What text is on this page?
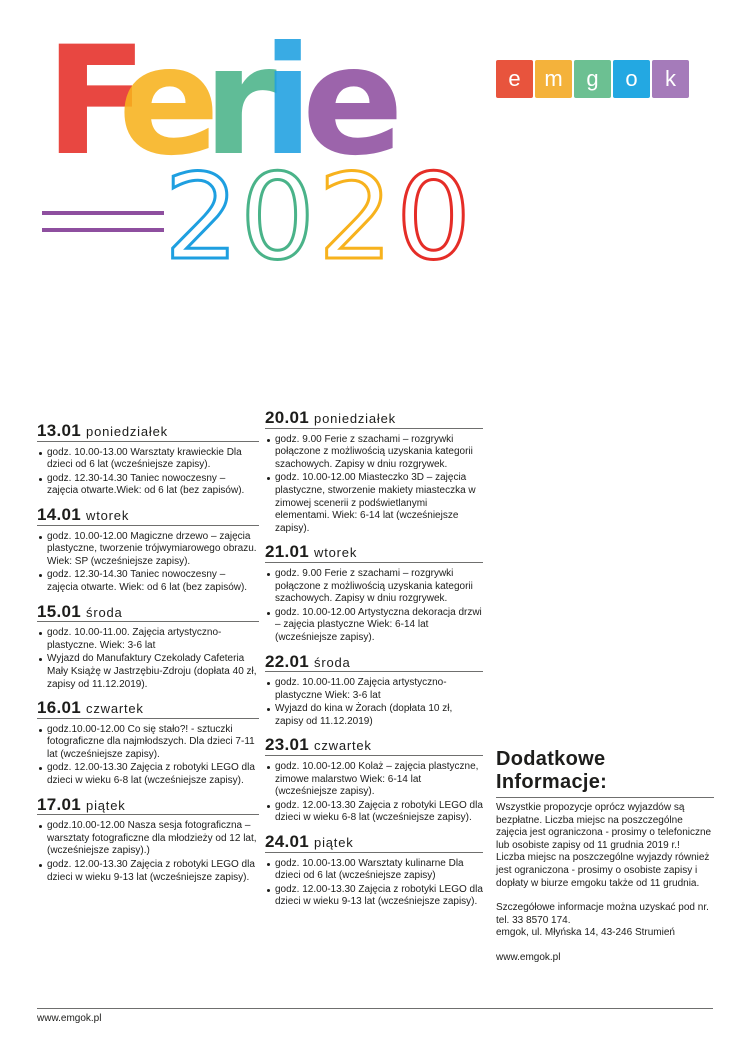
F
e
r
i
e
2 0 2 0
e	m	g	o	k
13.01 poniedziałek
godz. 10.00-13.00 Warsztaty krawieckie Dla dzieci od 6 lat (wcześniejsze zapisy).
godz. 12.30-14.30 Taniec nowoczesny – zajęcia otwarte.Wiek: od 6 lat (bez zapisów).
14.01 wtorek
godz. 10.00-12.00 Magiczne drzewo – zajęcia plastyczne, tworzenie trójwymiarowego obrazu. Wiek: SP (wcześniejsze zapisy).
godz. 12.30-14.30 Taniec nowoczesny – zajęcia otwarte. Wiek: od 6 lat (bez zapisów).
15.01 środa
godz. 10.00-11.00. Zajęcia artystyczno-plastyczne. Wiek: 3-6 lat
Wyjazd do Manufaktury Czekolady Cafeteria Mały Książę w Jastrzębiu-Zdroju (dopłata 40 zł, zapisy od 11.12.2019).
16.01 czwartek
godz.10.00-12.00 Co się stało?! - sztuczki fotograficzne dla najmłodszych. Dla dzieci 7-11 lat (wcześniejsze zapisy).
godz. 12.00-13.30 Zajęcia z robotyki LEGO dla dzieci w wieku 6-8 lat (wcześniejsze zapisy).
17.01 piątek
godz.10.00-12.00 Nasza sesja fotograficzna – warsztaty fotograficzne dla młodzieży od 12 lat, (wcześniejsze zapisy).)
godz. 12.00-13.30 Zajęcia z robotyki LEGO dla dzieci w wieku 9-13 lat (wcześniejsze zapisy).
20.01 poniedziałek
godz. 9.00 Ferie z szachami – rozgrywki połączone z możliwością uzyskania kategorii szachowych. Zapisy w dniu rozgrywek.
godz. 10.00-12.00 Miasteczko 3D – zajęcia plastyczne, stworzenie makiety miasteczka w zimowej scenerii z podświetlanymi elementami. Wiek: 6-14 lat (wcześniejsze zapisy).
21.01 wtorek
godz. 9.00 Ferie z szachami – rozgrywki połączone z możliwością uzyskania kategorii szachowych. Zapisy w dniu rozgrywek.
godz. 10.00-12.00 Artystyczna dekoracja drzwi – zajęcia plastyczne Wiek: 6-14 lat (wcześniejsze zapisy).
22.01 środa
godz. 10.00-11.00 Zajęcia artystyczno-plastyczne Wiek: 3-6 lat
Wyjazd do kina w Żorach (dopłata 10 zł, zapisy od 11.12.2019)
23.01 czwartek
godz. 10.00-12.00 Kolaż – zajęcia plastyczne, zimowe malarstwo Wiek: 6-14 lat (wcześniejsze zapisy).
godz. 12.00-13.30 Zajęcia z robotyki LEGO dla dzieci w wieku 6-8 lat (wcześniejsze zapisy).
24.01 piątek
godz. 10.00-13.00 Warsztaty kulinarne Dla dzieci od 6 lat (wcześniejsze zapisy)
godz. 12.00-13.30 Zajęcia z robotyki LEGO dla dzieci w wieku 9-13 lat (wcześniejsze zapisy).
Dodatkowe Informacje:

Wszystkie propozycje oprócz wyjazdów są bezpłatne. Liczba miejsc na poszczególne zajęcia jest ograniczona - prosimy o telefoniczne lub osobiste zapisy od 11 grudnia 2019 r.!
Liczba miejsc na poszczególne wyjazdy również jest ograniczona - prosimy o osobiste zapisy i dopłaty w biurze emgoku także od 11 grudnia.

Szczegółowe informacje można uzyskać pod nr. tel. 33 8570 174.
emgok, ul. Młyńska 14, 43-246 Strumień

www.emgok.pl

www.emgok.pl
